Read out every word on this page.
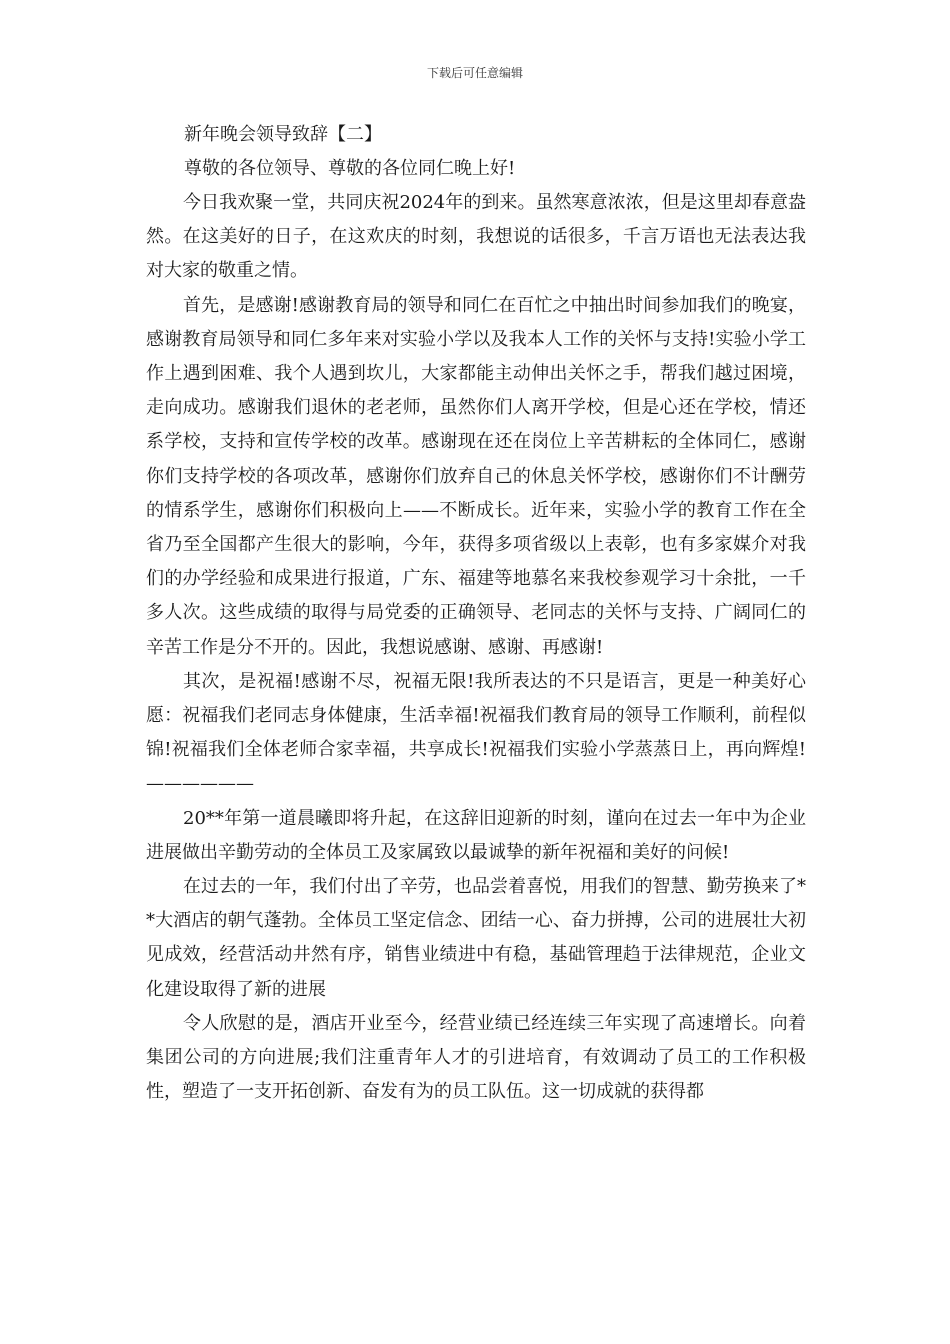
下载后可任意编辑

新年晚会领导致辞【二】

尊敬的各位领导、尊敬的各位同仁晚上好!

今日我欢聚一堂，共同庆祝2024年的到来。虽然寒意浓浓，但是这里却春意盎然。在这美好的日子，在这欢庆的时刻，我想说的话很多，千言万语也无法表达我对大家的敬重之情。

首先，是感谢!感谢教育局的领导和同仁在百忙之中抽出时间参加我们的晚宴，感谢教育局领导和同仁多年来对实验小学以及我本人工作的关怀与支持!实验小学工作上遇到困难、我个人遇到坎儿，大家都能主动伸出关怀之手，帮我们越过困境，走向成功。感谢我们退休的老老师，虽然你们人离开学校，但是心还在学校，情还系学校，支持和宣传学校的改革。感谢现在还在岗位上辛苦耕耘的全体同仁，感谢你们支持学校的各项改革，感谢你们放弃自己的休息关怀学校，感谢你们不计酬劳的情系学生，感谢你们积极向上——不断成长。近年来，实验小学的教育工作在全省乃至全国都产生很大的影响，今年，获得多项省级以上表彰，也有多家媒介对我们的办学经验和成果进行报道，广东、福建等地慕名来我校参观学习十余批，一千多人次。这些成绩的取得与局党委的正确领导、老同志的关怀与支持、广阔同仁的辛苦工作是分不开的。因此，我想说感谢、感谢、再感谢!

其次，是祝福!感谢不尽，祝福无限!我所表达的不只是语言，更是一种美好心愿：祝福我们老同志身体健康，生活幸福!祝福我们教育局的领导工作顺利，前程似锦!祝福我们全体老师合家幸福，共享成长!祝福我们实验小学蒸蒸日上，再向辉煌!——————

20**年第一道晨曦即将升起，在这辞旧迎新的时刻，谨向在过去一年中为企业进展做出辛勤劳动的全体员工及家属致以最诚挚的新年祝福和美好的问候!

在过去的一年，我们付出了辛劳，也品尝着喜悦，用我们的智慧、勤劳换来了**大酒店的朝气蓬勃。全体员工坚定信念、团结一心、奋力拼搏，公司的进展壮大初见成效，经营活动井然有序，销售业绩进中有稳，基础管理趋于法律规范，企业文化建设取得了新的进展

令人欣慰的是，酒店开业至今，经营业绩已经连续三年实现了高速增长。向着集团公司的方向进展;我们注重青年人才的引进培育，有效调动了员工的工作积极性，塑造了一支开拓创新、奋发有为的员工队伍。这一切成就的获得都
